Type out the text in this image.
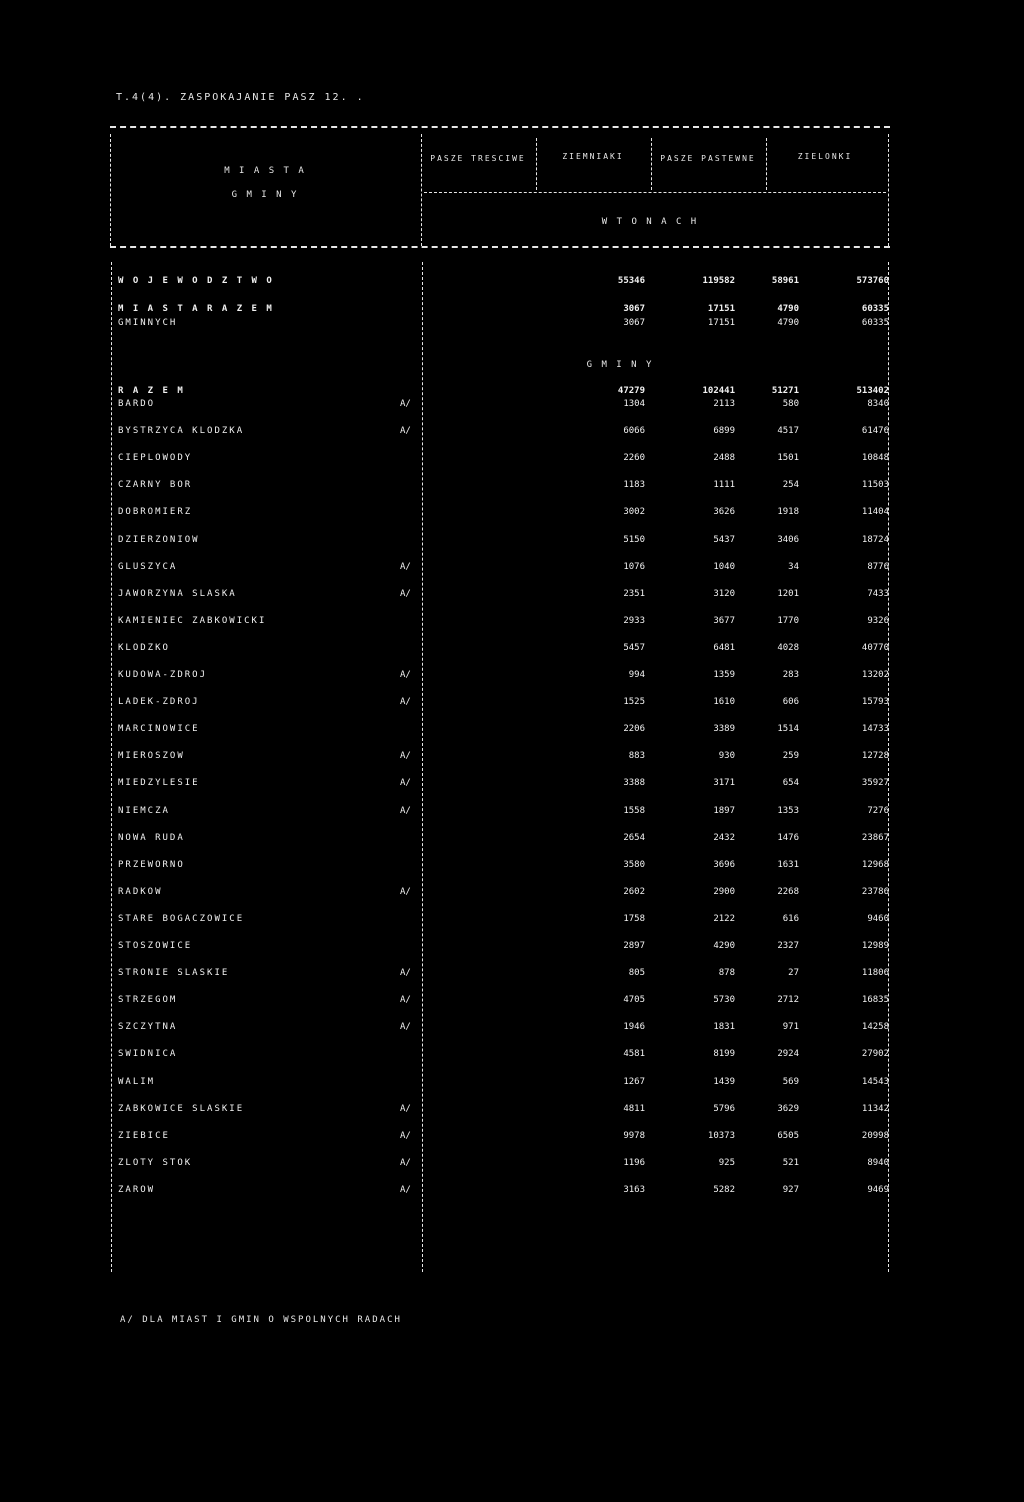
T.4(4). ZASPOKAJANIE PASZ 12. .
M I A S T A
G M I N Y
PASZE TRESCIWE	ZIEMNIAKI	PASZE PASTEWNE	ZIELONKI
W T O N A C H
W O J E W O D Z T W O	55346	119582	58961	573760
M I A S T A R A Z E M	3067	17151	4790	60335
GMINNYCH	3067	17151	4790	60335
G M I N Y
R A Z E M	47279	102441	51271	513402
BARDO	A/	1304	2113	580	8340
BYSTRZYCA KLODZKA	A/	6066	6899	4517	61476
CIEPLOWODY	2260	2488	1501	10848
CZARNY BOR	1183	1111	254	11503
DOBROMIERZ	3002	3626	1918	11404
DZIERZONIOW	5150	5437	3406	18724
GLUSZYCA	A/	1076	1040	34	8776
JAWORZYNA SLASKA	A/	2351	3120	1201	7433
KAMIENIEC ZABKOWICKI	2933	3677	1770	9326
KLODZKO	5457	6481	4028	40770
KUDOWA-ZDROJ	A/	994	1359	283	13202
LADEK-ZDROJ	A/	1525	1610	606	15793
MARCINOWICE	2206	3389	1514	14733
MIEROSZOW	A/	883	930	259	12728
MIEDZYLESIE	A/	3388	3171	654	35927
NIEMCZA	A/	1558	1897	1353	7276
NOWA RUDA	2654	2432	1476	23867
PRZEWORNO	3580	3696	1631	12968
RADKOW	A/	2602	2900	2268	23786
STARE BOGACZOWICE	1758	2122	616	9460
STOSZOWICE	2897	4290	2327	12989
STRONIE SLASKIE	A/	805	878	27	11806
STRZEGOM	A/	4705	5730	2712	16835
SZCZYTNA	A/	1946	1831	971	14258
SWIDNICA	4581	8199	2924	27902
WALIM	1267	1439	569	14543
ZABKOWICE SLASKIE	A/	4811	5796	3629	11342
ZIEBICE	A/	9978	10373	6505	20998
ZLOTY STOK	A/	1196	925	521	8940
ZAROW	A/	3163	5282	927	9469
A/ DLA MIAST I GMIN O WSPOLNYCH RADACH
